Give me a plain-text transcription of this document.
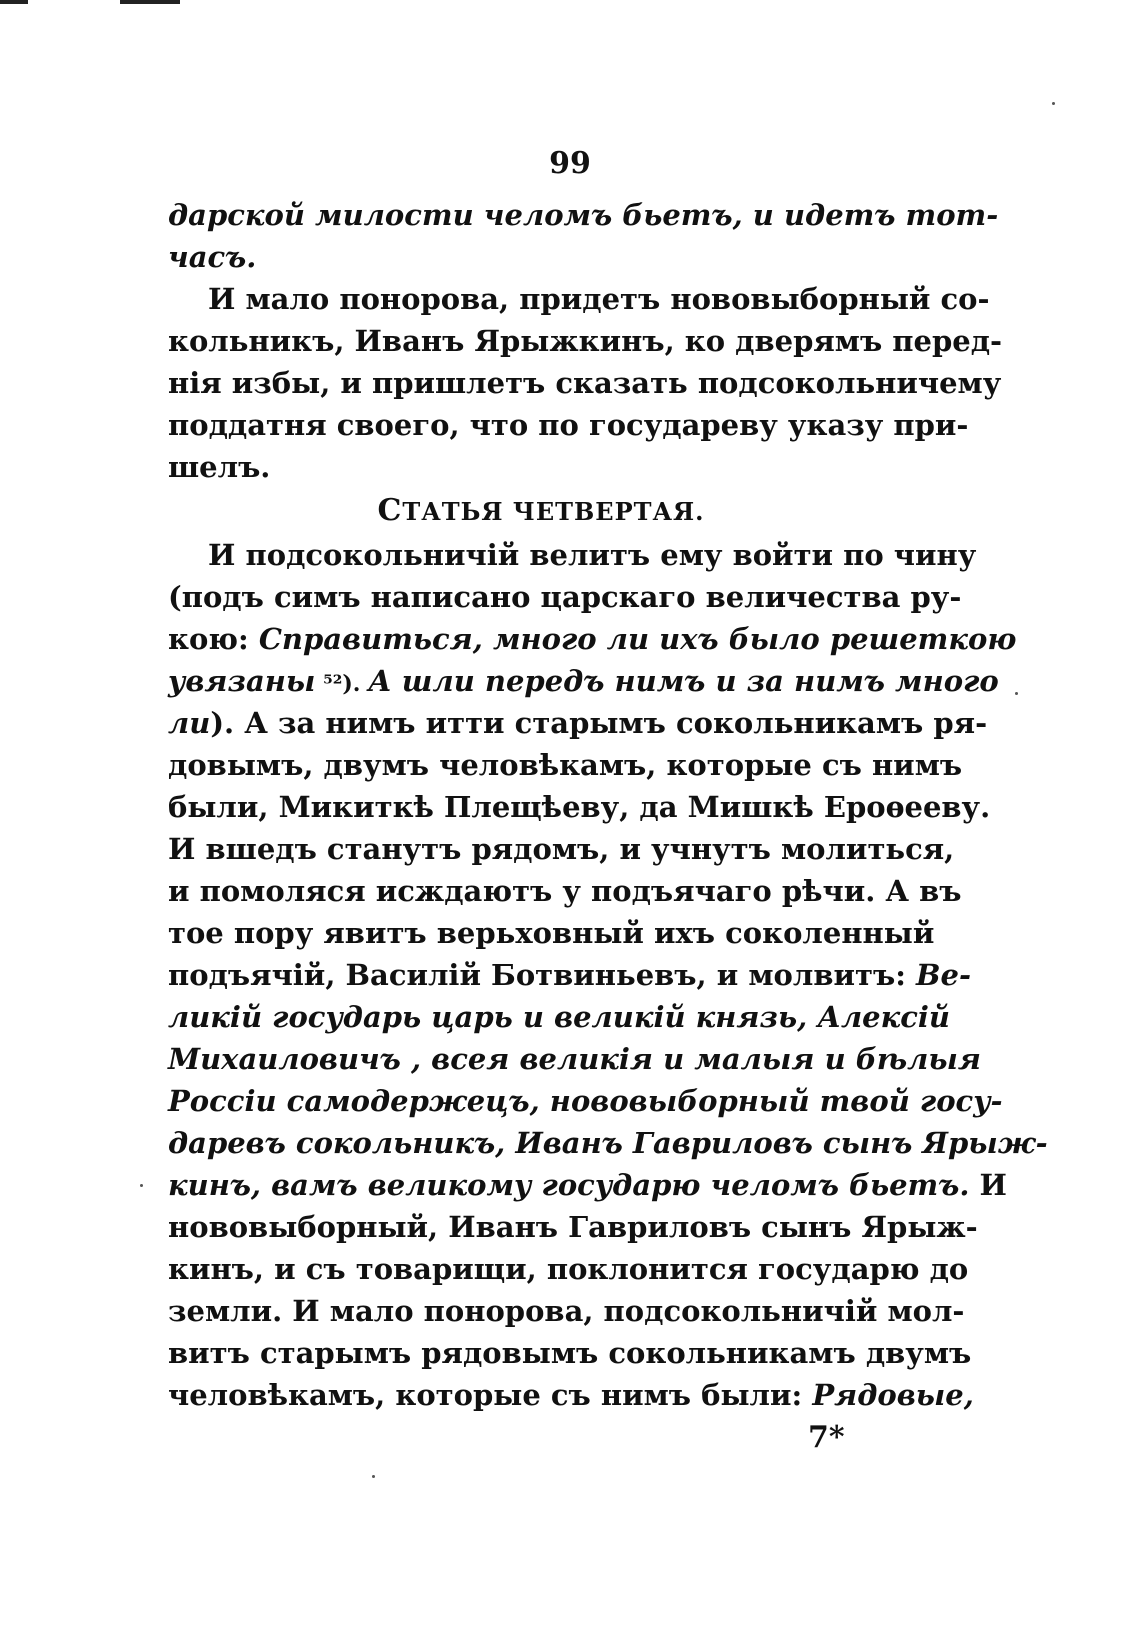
99
дарской милости челомъ бьетъ, и идетъ тот-
часъ.
И мало понорова, придетъ нововыборный со-
кольникъ, Иванъ Ярыжкинъ, ко дверямъ перед-
нія избы, и пришлетъ сказать подсокольничему
поддатня своего, что по государеву указу при-
шелъ.
СТАТЬЯ ЧЕТВЕРТАЯ.
И подсокольничій велитъ ему войти по чину
(подъ симъ написано царскаго величества ру-
кою: Справиться, много ли ихъ было решеткою
увязаны ⁵²). А шли передъ нимъ и за нимъ много
ли). А за нимъ итти старымъ сокольникамъ ря-
довымъ, двумъ человѣкамъ, которые съ нимъ
были, Микиткѣ Плещѣеву, да Мишкѣ Ероѳееву.
И вшедъ станутъ рядомъ, и учнутъ молиться,
и помоляся исждаютъ у подъячаго рѣчи. А въ
тое пору явитъ верьховный ихъ соколенный
подъячій, Василій Ботвиньевъ, и молвитъ: Ве-
ликій государь царь и великій князь, Алексій
Михаиловичъ , всея великія и малыя и бѣлыя
Россіи самодержецъ, нововыборный твой госу-
даревъ сокольникъ, Иванъ Гавриловъ сынъ Ярыж-
кинъ, вамъ великому государю челомъ бьетъ. И
нововыборный, Иванъ Гавриловъ сынъ Ярыж-
кинъ, и съ товарищи, поклонится государю до
земли. И мало понорова, подсокольничій мол-
витъ старымъ рядовымъ сокольникамъ двумъ
человѣкамъ, которые съ нимъ были: Рядовые,
7*
